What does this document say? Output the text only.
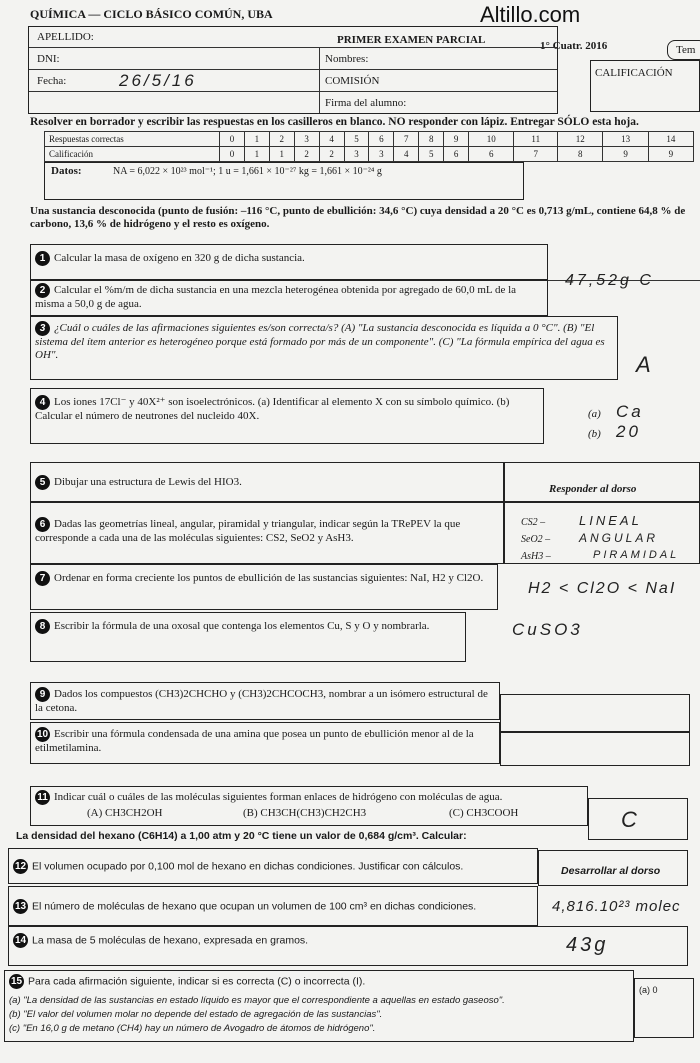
QUÍMICA — CICLO BÁSICO COMÚN, UBA	Altillo.com
PRIMER EXAMEN PARCIAL	1° Cuatr. 2016	Tem
APELLIDO:
DNI:	Nombres:
Fecha:	26/5/16	COMISIÓN
Firma del alumno:
CALIFICACIÓN
Resolver en borrador y escribir las respuestas en los casilleros en blanco. NO responder con lápiz. Entregar SÓLO esta hoja.
Respuestas correctas	0	1	2	3	4	5	6	7	8	9	10	11	12	13	14
Calificación	0	1	1	2	2	3	3	4	5	6	6	7	8	9	9
Datos:	NA = 6,022 × 10²³ mol⁻¹; 1 u = 1,661 × 10⁻²⁷ kg = 1,661 × 10⁻²⁴ g
Una sustancia desconocida (punto de fusión: –116 °C, punto de ebullición: 34,6 °C) cuya densidad a 20 °C es 0,713 g/mL, contiene 64,8 % de carbono, 13,6 % de hidrógeno y el resto es oxígeno.
1 Calcular la masa de oxígeno en 320 g de dicha sustancia.
2 Calcular el %m/m de dicha sustancia en una mezcla heterogénea obtenida por agregado de 60,0 mL de la misma a 50,0 g de agua.
47,52g C
3 ¿Cuál o cuáles de las afirmaciones siguientes es/son correcta/s? (A) "La sustancia desconocida es líquida a 0 °C". (B) "El sistema del ítem anterior es heterogéneo porque está formado por más de un componente". (C) "La fórmula empírica del agua es OH".	A
4 Los iones 17Cl⁻ y 40X²⁺ son isoelectrónicos. (a) Identificar al elemento X con su símbolo químico. (b) Calcular el número de neutrones del nucleido 40X.	(a) Ca
(b) 20
5 Dibujar una estructura de Lewis del HIO3.
Responder al dorso
6 Dadas las geometrías lineal, angular, piramidal y triangular, indicar según la TRePEV la que corresponde a cada una de las moléculas siguientes: CS2, SeO2 y AsH3.
CS2 –	LINEAL
SeO2 – ANGULAR
AsH3 –	PIRAMIDAL
7 Ordenar en forma creciente los puntos de ebullición de las sustancias siguientes: NaI, H2 y Cl2O.
H2 < Cl2O < NaI
8 Escribir la fórmula de una oxosal que contenga los elementos Cu, S y O y nombrarla.	CuSO3
9 Dados los compuestos (CH3)2CHCHO y (CH3)2CHCOCH3, nombrar a un isómero estructural de la cetona.
10 Escribir una fórmula condensada de una amina que posea un punto de ebullición menor al de la etilmetilamina.
11 Indicar cuál o cuáles de las moléculas siguientes forman enlaces de hidrógeno con moléculas de agua.
(A) CH3CH2OH	(B) CH3CH(CH3)CH2CH3	(C) CH3COOH	C
La densidad del hexano (C6H14) a 1,00 atm y 20 °C tiene un valor de 0,684 g/cm³. Calcular:
12 El volumen ocupado por 0,100 mol de hexano en dichas condiciones. Justificar con cálculos.	Desarrollar al dorso
13 El número de moléculas de hexano que ocupan un volumen de 100 cm³ en dichas condiciones.	4,816.10²³ molec
14 La masa de 5 moléculas de hexano, expresada en gramos.	43g
15 Para cada afirmación siguiente, indicar si es correcta (C) o incorrecta (I).
(a) "La densidad de las sustancias en estado líquido es mayor que el correspondiente a aquellas en estado gaseoso".
(b) "El valor del volumen molar no depende del estado de agregación de las sustancias".
(c) "En 16,0 g de metano (CH4) hay un número de Avogadro de átomos de hidrógeno".
(a) 0
